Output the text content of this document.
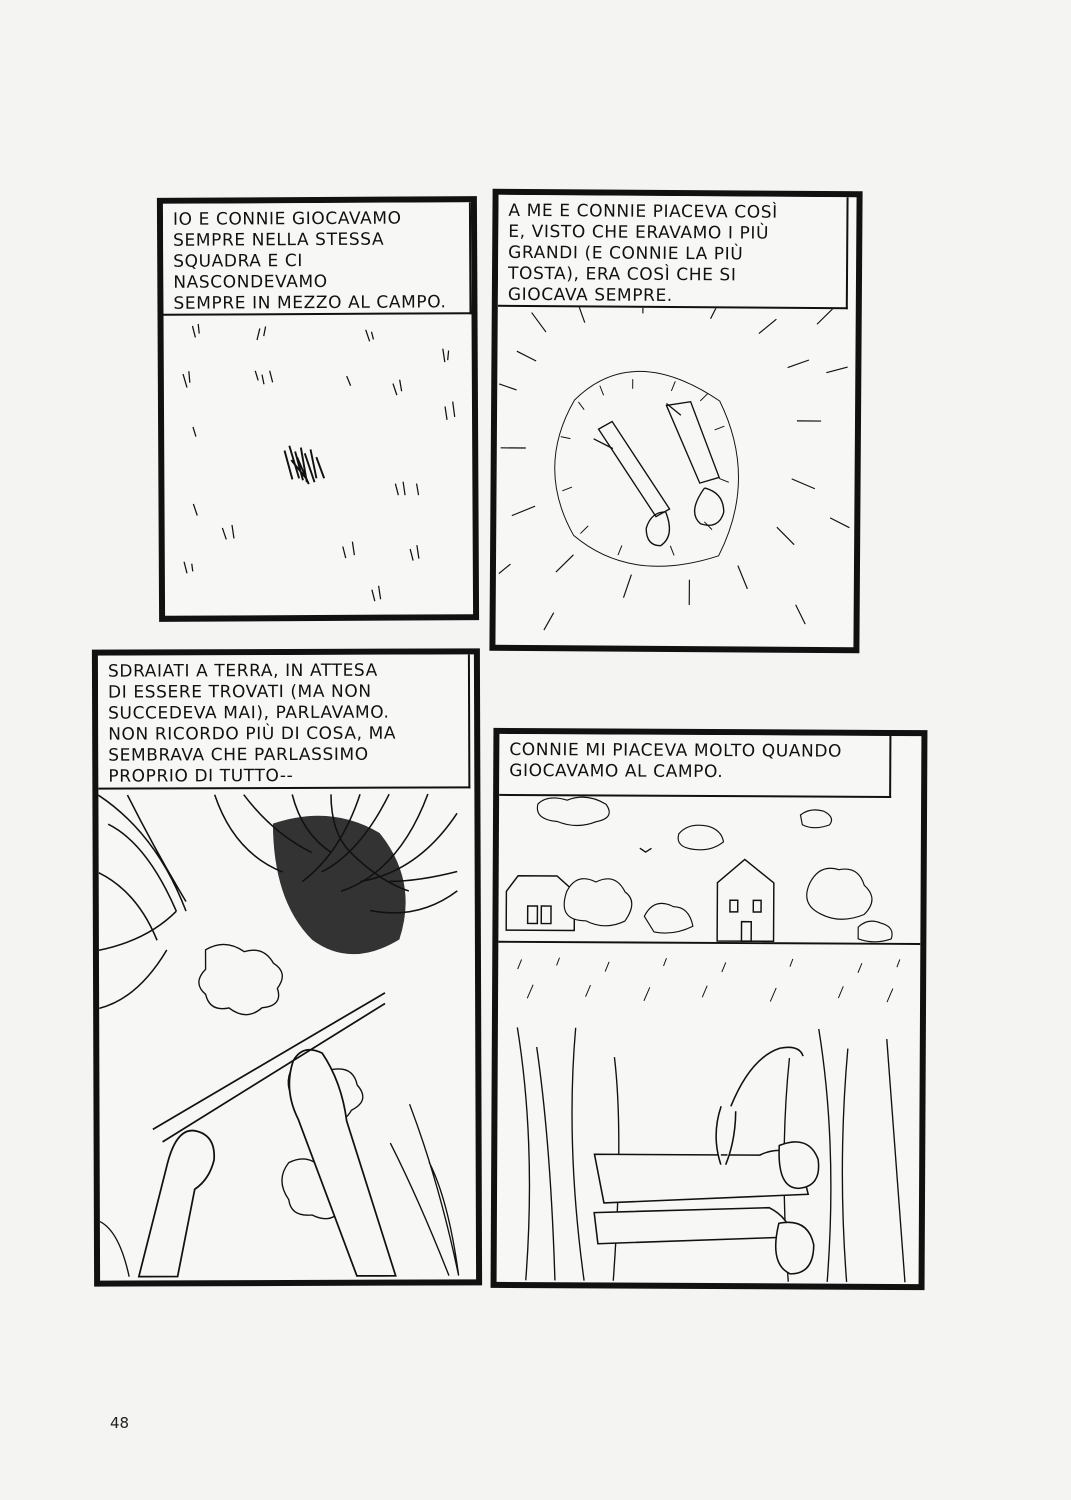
IO E CONNIE GIOCAVAMO
SEMPRE NELLA STESSA
SQUADRA E CI NASCONDEVAMO
SEMPRE IN MEZZO AL CAMPO.
A ME E CONNIE PIACEVA COSÌ
E, VISTO CHE ERAVAMO I PIÙ
GRANDI (E CONNIE LA PIÙ
TOSTA), ERA COSÌ CHE SI
GIOCAVA SEMPRE.
SDRAIATI A TERRA, IN ATTESA
DI ESSERE TROVATI (MA NON
SUCCEDEVA MAI), PARLAVAMO.
NON RICORDO PIÙ DI COSA, MA
SEMBRAVA CHE PARLASSIMO
PROPRIO DI TUTTO--
CONNIE MI PIACEVA MOLTO QUANDO
GIOCAVAMO AL CAMPO.
48
